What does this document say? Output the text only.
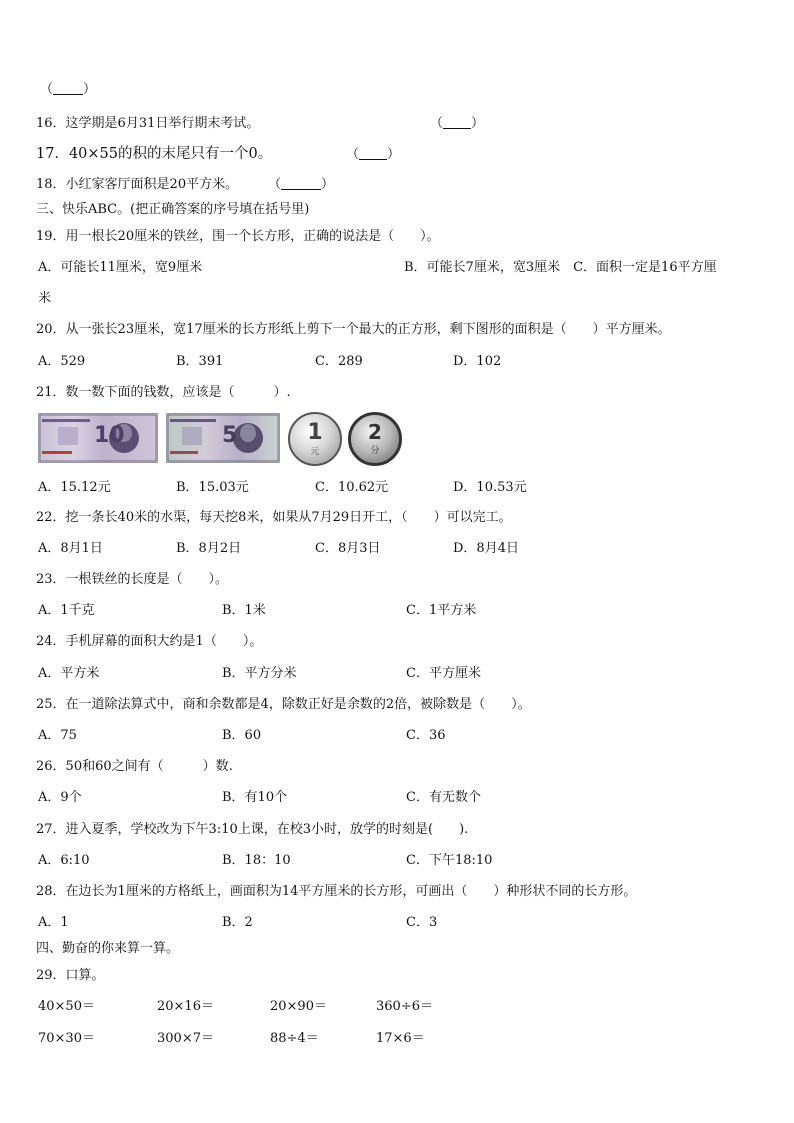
（ ）
16．这学期是6月31日举行期末考试。	（ ）
17．40×55的积的末尾只有一个0。	（ ）
18．小红家客厅面积是20平方米。 （	）
三、快乐ABC。(把正确答案的序号填在括号里)
19．用一根长20厘米的铁丝，围一个长方形，正确的说法是（　　）。
A．可能长11厘米，宽9厘米	B．可能长7厘米，宽3厘米　C．面积一定是16平方厘
米
20．从一张长23厘米，宽17厘米的长方形纸上剪下一个最大的正方形，剩下图形的面积是（　　）平方厘米。
A．529	B．391	C．289	D．102
21．数一数下面的钱数，应该是（　　　）.
10	5	1
元
2
分
A．15.12元	B．15.03元	C．10.62元	D．10.53元
22．挖一条长40米的水渠，每天挖8米，如果从7月29日开工，（　　）可以完工。
A．8月1日	B．8月2日	C．8月3日	D．8月4日
23．一根铁丝的长度是（　　）。
A．1千克	B．1米	C．1平方米
24．手机屏幕的面积大约是1（　　）。
A．平方米	B．平方分米	C．平方厘米
25．在一道除法算式中，商和余数都是4，除数正好是余数的2倍，被除数是（　　）。
A．75	B．60	C．36
26．50和60之间有（　　　）数.
A．9个	B．有10个	C．有无数个
27．进入夏季，学校改为下午3:10上课，在校3小时，放学的时刻是(　　).
A．6:10	B．18：10	C．下午18:10
28．在边长为1厘米的方格纸上，画面积为14平方厘米的长方形，可画出（　　）种形状不同的长方形。
A．1	B．2	C．3
四、勤奋的你来算一算。
29．口算。
40×50＝	20×16＝	20×90＝	360÷6＝
70×30＝	300×7＝	88÷4＝	17×6＝
